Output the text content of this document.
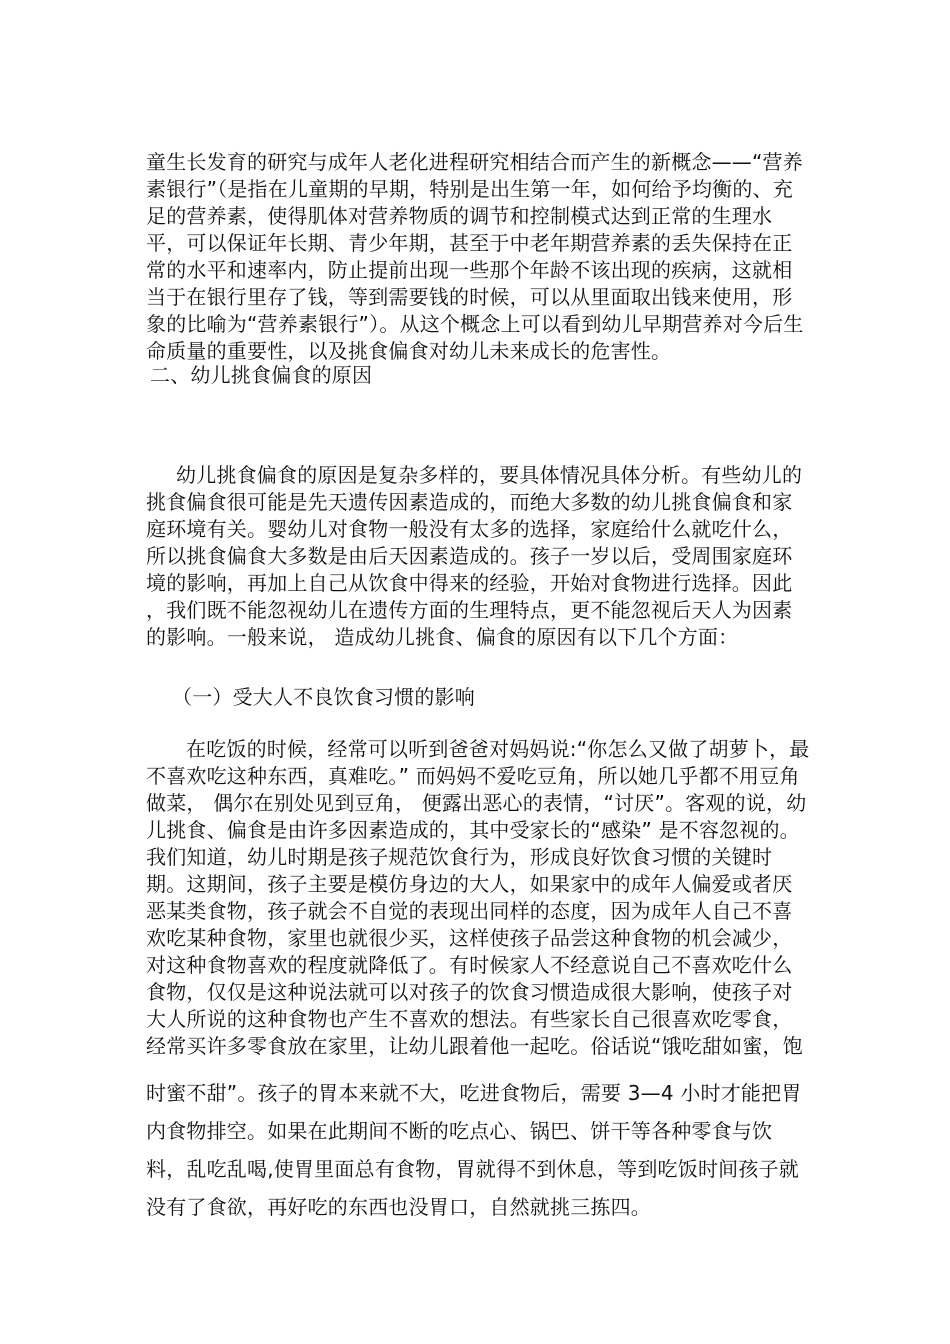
童生长发育的研究与成年人老化进程研究相结合而产生的新概念——“营养素银行”（是指在儿童期的早期，特别是出生第一年，如何给予均衡的、充足的营养素，使得肌体对营养物质的调节和控制模式达到正常的生理水平，可以保证年长期、青少年期，甚至于中老年期营养素的丢失保持在正常的水平和速率内，防止提前出现一些那个年龄不该出现的疾病，这就相当于在银行里存了钱，等到需要钱的时候，可以从里面取出钱来使用，形象的比喻为“营养素银行”）。从这个概念上可以看到幼儿早期营养对今后生命质量的重要性，以及挑食偏食对幼儿未来成长的危害性。

二、幼儿挑食偏食的原因

幼儿挑食偏食的原因是复杂多样的，要具体情况具体分析。有些幼儿的挑食偏食很可能是先天遗传因素造成的，而绝大多数的幼儿挑食偏食和家庭环境有关。婴幼儿对食物一般没有太多的选择，家庭给什么就吃什么，所以挑食偏食大多数是由后天因素造成的。孩子一岁以后，受周围家庭环境的影响，再加上自己从饮食中得来的经验，开始对食物进行选择。因此 ，我们既不能忽视幼儿在遗传方面的生理特点，更不能忽视后天人为因素的影响。一般来说， 造成幼儿挑食、偏食的原因有以下几个方面：

（一）受大人不良饮食习惯的影响

在吃饭的时候，经常可以听到爸爸对妈妈说:“你怎么又做了胡萝卜，最不喜欢吃这种东西，真难吃。” 而妈妈不爱吃豆角，所以她几乎都不用豆角做菜， 偶尔在别处见到豆角， 便露出恶心的表情，“讨厌”。客观的说，幼儿挑食、偏食是由许多因素造成的，其中受家长的“感染” 是不容忽视的。我们知道，幼儿时期是孩子规范饮食行为，形成良好饮食习惯的关键时期。这期间，孩子主要是模仿身边的大人，如果家中的成年人偏爱或者厌恶某类食物，孩子就会不自觉的表现出同样的态度，因为成年人自己不喜欢吃某种食物，家里也就很少买，这样使孩子品尝这种食物的机会减少，对这种食物喜欢的程度就降低了。有时候家人不经意说自己不喜欢吃什么食物，仅仅是这种说法就可以对孩子的饮食习惯造成很大影响，使孩子对大人所说的这种食物也产生不喜欢的想法。有些家长自己很喜欢吃零食，经常买许多零食放在家里，让幼儿跟着他一起吃。俗话说“饿吃甜如蜜，饱

时蜜不甜”。孩子的胃本来就不大，吃进食物后，需要 3—4 小时才能把胃内食物排空。如果在此期间不断的吃点心、锅巴、饼干等各种零食与饮料，乱吃乱喝,使胃里面总有食物，胃就得不到休息，等到吃饭时间孩子就没有了食欲，再好吃的东西也没胃口，自然就挑三拣四。
